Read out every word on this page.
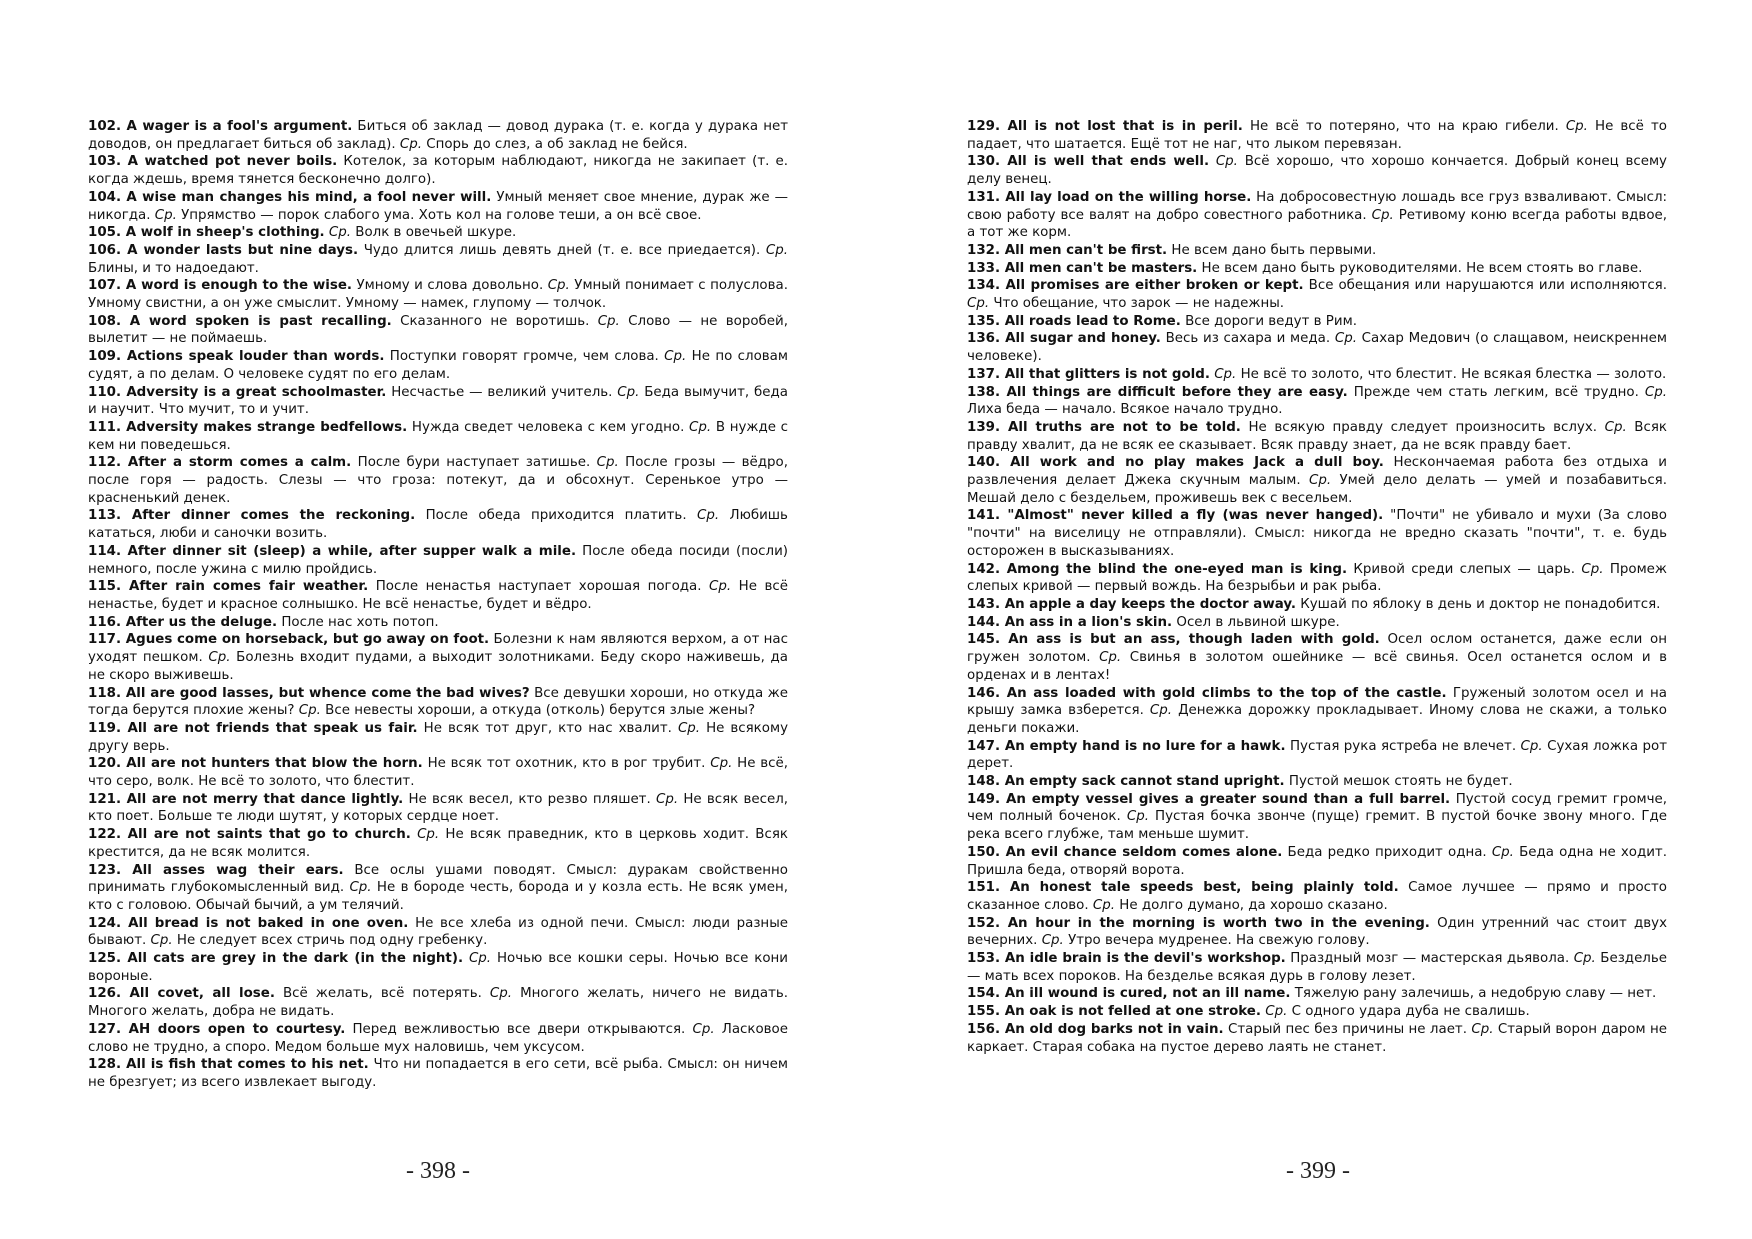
102. A wager is a fool's argument. Биться об заклад — довод дурака (т. е. когда у дурака нет доводов, он предлагает биться об заклад). Ср. Спорь до слез, а об заклад не бейся.
103. A watched pot never boils. Котелок, за которым наблюдают, никогда не закипает (т. е. когда ждешь, время тянется бесконечно долго).
104. A wise man changes his mind, a fool never will. Умный меняет свое мнение, дурак же — никогда. Ср. Упрямство — порок слабого ума. Хоть кол на голове теши, а он всё свое.
105. A wolf in sheep's clothing. Ср. Волк в овечьей шкуре.
106. A wonder lasts but nine days. Чудо длится лишь девять дней (т. е. все приедается). Ср. Блины, и то надоедают.
107. A word is enough to the wise. Умному и слова довольно. Ср. Умный понимает с полуслова. Умному свистни, а он уже смыслит. Умному — намек, глупому — толчок.
108. A word spoken is past recalling. Сказанного не воротишь. Ср. Слово — не воробей, вылетит — не поймаешь.
109. Actions speak louder than words. Поступки говорят громче, чем слова. Ср. Не по словам судят, а по делам. О человеке судят по его делам.
110. Adversity is a great schoolmaster. Несчастье — великий учитель. Ср. Беда вымучит, беда и научит. Что мучит, то и учит.
111. Adversity makes strange bedfellows. Нужда сведет человека с кем угодно. Ср. В нужде с кем ни поведешься.
112. After a storm comes a calm. После бури наступает затишье. Ср. После грозы — вёдро, после горя — радость. Слезы — что гроза: потекут, да и обсохнут. Серенькое утро — красненький денек.
113. After dinner comes the reckoning. После обеда приходится платить. Ср. Любишь кататься, люби и саночки возить.
114. After dinner sit (sleep) a while, after supper walk a mile. После обеда посиди (посли) немного, после ужина с милю пройдись.
115. After rain comes fair weather. После ненастья наступает хорошая погода. Ср. Не всё ненастье, будет и красное солнышко. Не всё ненастье, будет и вёдро.
116. After us the deluge. После нас хоть потоп.
117. Agues come on horseback, but go away on foot. Болезни к нам являются верхом, а от нас уходят пешком. Ср. Болезнь входит пудами, а выходит золотниками. Беду скоро наживешь, да не скоро выживешь.
118. All are good lasses, but whence come the bad wives? Все девушки хороши, но откуда же тогда берутся плохие жены? Ср. Все невесты хороши, а откуда (отколь) берутся злые жены?
119. All are not friends that speak us fair. Не всяк тот друг, кто нас хвалит. Ср. Не всякому другу верь.
120. All are not hunters that blow the horn. Не всяк тот охотник, кто в рог трубит. Ср. Не всё, что серо, волк. Не всё то золото, что блестит.
121. All are not merry that dance lightly. Не всяк весел, кто резво пляшет. Ср. Не всяк весел, кто поет. Больше те люди шутят, у которых сердце ноет.
122. All are not saints that go to church. Ср. Не всяк праведник, кто в церковь ходит. Всяк крестится, да не всяк молится.
123. All asses wag their ears. Все ослы ушами поводят. Смысл: дуракам свойственно принимать глубокомысленный вид. Ср. Не в бороде честь, борода и у козла есть. Не всяк умен, кто с головою. Обычай бычий, а ум телячий.
124. All bread is not baked in one oven. Не все хлеба из одной печи. Смысл: люди разные бывают. Ср. Не следует всех стричь под одну гребенку.
125. All cats are grey in the dark (in the night). Ср. Ночью все кошки серы. Ночью все кони вороные.
126. All covet, all lose. Всё желать, всё потерять. Ср. Многого желать, ничего не видать. Многого желать, добра не видать.
127. AH doors open to courtesy. Перед вежливостью все двери открываются. Ср. Ласковое слово не трудно, а споро. Медом больше мух наловишь, чем уксусом.
128. All is fish that comes to his net. Что ни попадается в его сети, всё рыба. Смысл: он ничем не брезгует; из всего извлекает выгоду.
129. All is not lost that is in peril. Не всё то потеряно, что на краю гибели. Ср. Не всё то падает, что шатается. Ещё тот не наг, что лыком перевязан.
130. All is well that ends well. Ср. Всё хорошо, что хорошо кончается. Добрый конец всему делу венец.
131. All lay load on the willing horse. На добросовестную лошадь все груз взваливают. Смысл: свою работу все валят на добро совестного работника. Ср. Ретивому коню всегда работы вдвое, а тот же корм.
132. All men can't be first. Не всем дано быть первыми.
133. All men can't be masters. Не всем дано быть руководителями. Не всем стоять во главе.
134. All promises are either broken or kept. Все обещания или нарушаются или исполняются. Ср. Что обещание, что зарок — не надежны.
135. All roads lead to Rome. Все дороги ведут в Рим.
136. All sugar and honey. Весь из сахара и меда. Ср. Сахар Медович (о слащавом, неискреннем человеке).
137. All that glitters is not gold. Ср. Не всё то золото, что блестит. Не всякая блестка — золото.
138. All things are difficult before they are easy. Прежде чем стать легким, всё трудно. Ср. Лиха беда — начало. Всякое начало трудно.
139. All truths are not to be told. Не всякую правду следует произносить вслух. Ср. Всяк правду хвалит, да не всяк ее сказывает. Всяк правду знает, да не всяк правду бает.
140. All work and no play makes Jack a dull boy. Нескончаемая работа без отдыха и развлечения делает Джека скучным малым. Ср. Умей дело делать — умей и позабавиться. Мешай дело с бездельем, проживешь век с весельем.
141. "Almost" never killed a fly (was never hanged). "Почти" не убивало и мухи (За слово "почти" на виселицу не отправляли). Смысл: никогда не вредно сказать "почти", т. е. будь осторожен в высказываниях.
142. Among the blind the one-eyed man is king. Кривой среди слепых — царь. Ср. Промеж слепых кривой — первый вождь. На безрыбьи и рак рыба.
143. An apple a day keeps the doctor away. Кушай по яблоку в день и доктор не понадобится.
144. An ass in a lion's skin. Осел в львиной шкуре.
145. An ass is but an ass, though laden with gold. Осел ослом останется, даже если он гружен золотом. Ср. Свинья в золотом ошейнике — всё свинья. Осел останется ослом и в орденах и в лентах!
146. An ass loaded with gold climbs to the top of the castle. Груженый золотом осел и на крышу замка взберется. Ср. Денежка дорожку прокладывает. Иному слова не скажи, а только деньги покажи.
147. An empty hand is no lure for a hawk. Пустая рука ястреба не влечет. Ср. Сухая ложка рот дерет.
148. An empty sack cannot stand upright. Пустой мешок стоять не будет.
149. An empty vessel gives a greater sound than a full barrel. Пустой сосуд гремит громче, чем полный боченок. Ср. Пустая бочка звонче (пуще) гремит. В пустой бочке звону много. Где река всего глубже, там меньше шумит.
150. An evil chance seldom comes alone. Беда редко приходит одна. Ср. Беда одна не ходит. Пришла беда, отворяй ворота.
151. An honest tale speeds best, being plainly told. Самое лучшее — прямо и просто сказанное слово. Ср. Не долго думано, да хорошо сказано.
152. An hour in the morning is worth two in the evening. Один утренний час стоит двух вечерних. Ср. Утро вечера мудренее. На свежую голову.
153. An idle brain is the devil's workshop. Праздный мозг — мастерская дьявола. Ср. Безделье — мать всех пороков. На безделье всякая дурь в голову лезет.
154. An ill wound is cured, not an ill name. Тяжелую рану залечишь, а недобрую славу — нет.
155. An oak is not felled at one stroke. Ср. С одного удара дуба не свалишь.
156. An old dog barks not in vain. Старый пес без причины не лает. Ср. Старый ворон даром не каркает. Старая собака на пустое дерево лаять не станет.
- 398 -	- 399 -
